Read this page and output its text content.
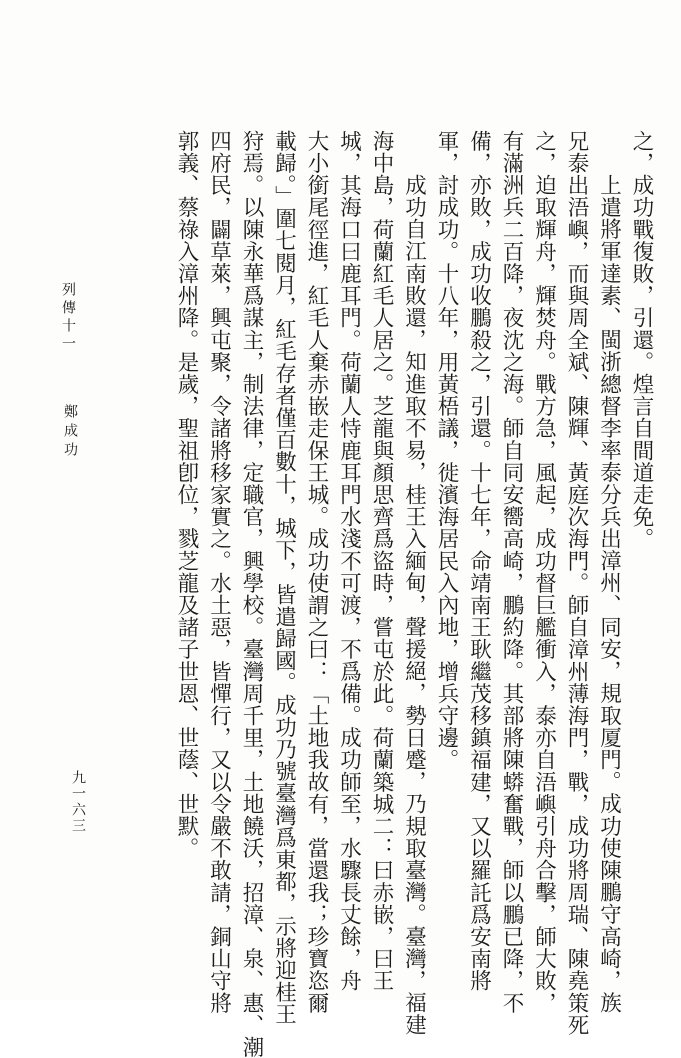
之，成功戰復敗，引還。煌言自間道走免。
上遣將軍達素、閩浙總督李率泰分兵出漳州、同安，規取厦門。成功使陳鵬守高崎，族
兄泰出浯嶼，而與周全斌、陳輝、黃庭次海門。師自漳州薄海門，戰，成功將周瑞、陳堯策死
之，迫取輝舟，輝焚舟。戰方急，風起，成功督巨艦衝入，泰亦自浯嶼引舟合擊，師大敗，
有滿洲兵二百降，夜沈之海。師自同安嚮高崎，鵬約降。其部將陳蟒奮戰，師以鵬已降，不
備，亦敗，成功收鵬殺之，引還。十七年，命靖南王耿繼茂移鎮福建，又以羅託爲安南將
軍，討成功。十八年，用黃梧議，徙濱海居民入內地，增兵守邊。
成功自江南敗還，知進取不易，桂王入緬甸，聲援絕，勢日蹙，乃規取臺灣。臺灣，福建
海中島，荷蘭紅毛人居之。芝龍與顏思齊爲盜時，嘗屯於此。荷蘭築城二：曰赤嵌，曰王
城，其海口曰鹿耳門。荷蘭人恃鹿耳門水淺不可渡，不爲備。成功師至，水驟長丈餘，舟
大小銜尾徑進，紅毛人棄赤嵌走保王城。成功使謂之曰：「土地我故有，當還我；珍寶恣爾
載歸。」圍七閱月，紅毛存者僅百數十，城下，皆遣歸國。成功乃號臺灣爲東都，示將迎桂王
狩焉。以陳永華爲謀主，制法律，定職官，興學校。臺灣周千里，土地饒沃，招漳、泉、惠、潮
四府民，闢草萊，興屯聚，令諸將移家實之。水土惡，皆憚行，又以令嚴不敢請，銅山守將
郭義、蔡祿入漳州降。是歲，聖祖卽位，戮芝龍及諸子世恩、世蔭、世默。
列傳十一
鄭成功
九一六三
